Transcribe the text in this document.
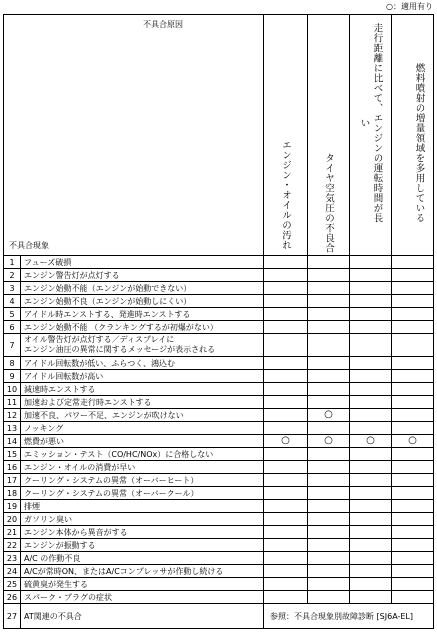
○：適用有り
不具合原因
不具合現象		エンジン・オイルの汚れ	タイヤ空気圧の不良合	走行距離に比べて、エンジンの運転時間が長い	燃料噴射の増量領域を多用している
1	フューズ破損				
2	エンジン警告灯が点灯する				
3	エンジン始動不能（エンジンが始動できない）				
4	エンジン始動不良（エンジンが始動しにくい）				
5	アイドル時エンストする、発進時エンストする				
6	エンジン始動不能 （クランキングするが初爆がない）				
7	オイル警告灯が点灯する／ディスプレイに
エンジン油圧の異常に関するメッセージが表示される				

8	アイドル回転数が低い、ふらつく、鴻込む				
9	アイドル回転数が高い				
10	減速時エンストする				
11	加速および定常走行時エンストする				
12	加速不良、パワー不足、エンジンが吹けない		○		
13	ノッキング				
14	燃費が悪い	○	○	○	○
15	エミッション・テスト（CO/HC/NOx）に合格しない				
16	エンジン・オイルの消費が早い				
17	クーリング・システムの異常（オーバーヒート）				
18	クーリング・システムの異常（オーバークール）				
19	排煙				
20	ガソリン臭い				
21	エンジン本体から異音がする				
22	エンジンが振動する				
23	A/C の作動不良				
24	A/Cが常時ON、またはA/Cコンプレッサが作動し続ける				
25	硫黄臭が発生する				
26	スパーク・プラグの症状				
27	AT関連の不具合	参照：不具合現象別故障診断 [SJ6A-EL]			
